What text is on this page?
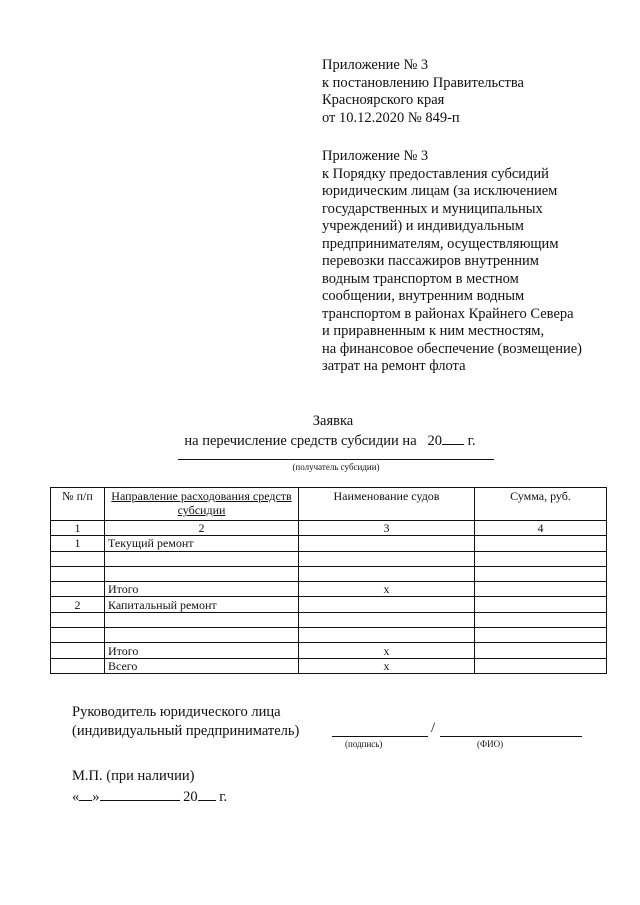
Приложение № 3
к постановлению Правительства
Красноярского края
от 10.12.2020 № 849-п
Приложение № 3
к Порядку предоставления субсидий
юридическим лицам (за исключением
государственных и муниципальных
учреждений) и индивидуальным
предпринимателям, осуществляющим
перевозки пассажиров внутренним
водным транспортом в местном
сообщении, внутренним водным
транспортом в районах Крайнего Севера
и приравненным к ним местностям,
на финансовое обеспечение (возмещение)
затрат на ремонт флота
Заявка
на перечисление средств субсидии на 20 г.
(получатель субсидии)
№ п/п	Направление расходования средств субсидии	Наименование судов	Сумма, руб.
1	2	3	4
1	Текущий ремонт		

	Итого	х	
2	Капитальный ремонт		

	Итого	х	
	Всего	х	
Руководитель юридического лица
(индивидуальный предприниматель)	/
(подпись)	(ФИО)
М.П. (при наличии)
« »	20 г.
